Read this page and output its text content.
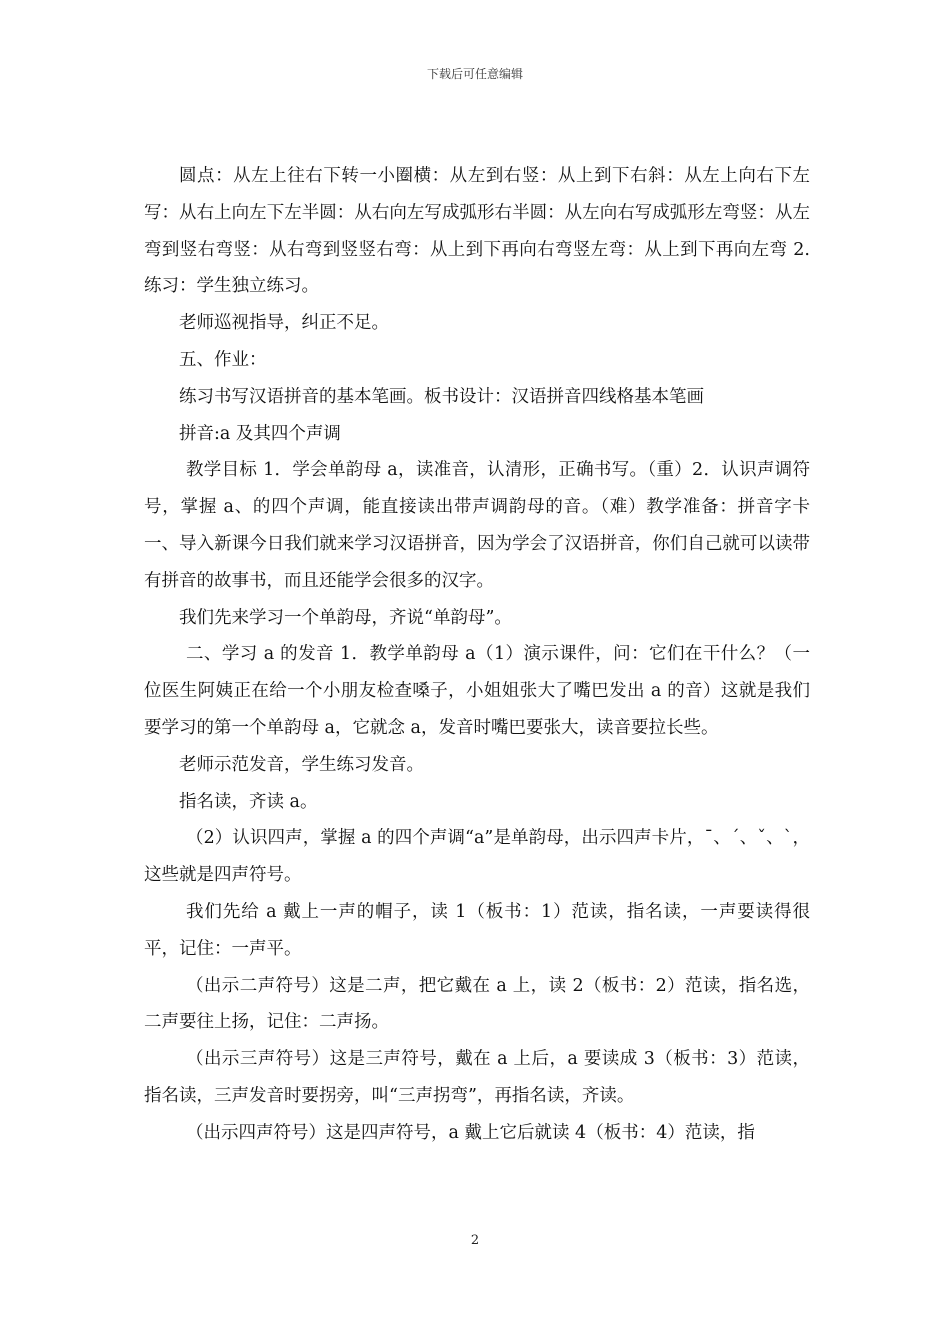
下载后可任意编辑

圆点：从左上往右下转一小圈横：从左到右竖：从上到下右斜：从左上向右下左写：从右上向左下左半圆：从右向左写成弧形右半圆：从左向右写成弧形左弯竖：从左弯到竖右弯竖：从右弯到竖竖右弯：从上到下再向右弯竖左弯：从上到下再向左弯 2. 练习：学生独立练习。

老师巡视指导，纠正不足。

五、作业：

练习书写汉语拼音的基本笔画。板书设计：汉语拼音四线格基本笔画

拼音:a 及其四个声调

教学目标 1．学会单韵母 a，读准音，认清形，正确书写。（重）2．认识声调符号，掌握 a、的四个声调，能直接读出带声调韵母的音。（难）教学准备：拼音字卡一、导入新课今日我们就来学习汉语拼音，因为学会了汉语拼音，你们自己就可以读带有拼音的故事书，而且还能学会很多的汉字。

我们先来学习一个单韵母，齐说“单韵母”。

二、学习 a 的发音 1．教学单韵母 a（1）演示课件，问：它们在干什么？（一位医生阿姨正在给一个小朋友检查嗓子，小姐姐张大了嘴巴发出 a 的音）这就是我们要学习的第一个单韵母 a，它就念 a，发音时嘴巴要张大，读音要拉长些。

老师示范发音，学生练习发音。

指名读，齐读 a。

（2）认识四声，掌握 a 的四个声调“a”是单韵母，出示四声卡片，ˉ、ˊ、ˇ、ˋ，这些就是四声符号。

我们先给 a 戴上一声的帽子，读 1（板书：1）范读，指名读，一声要读得很平，记住：一声平。

（出示二声符号）这是二声，把它戴在 a 上，读 2（板书：2）范读，指名选，二声要往上扬，记住：二声扬。

（出示三声符号）这是三声符号，戴在 a 上后，a 要读成 3（板书：3）范读，指名读，三声发音时要拐旁，叫“三声拐弯”，再指名读，齐读。

（出示四声符号）这是四声符号，a 戴上它后就读 4（板书：4）范读，指

2
